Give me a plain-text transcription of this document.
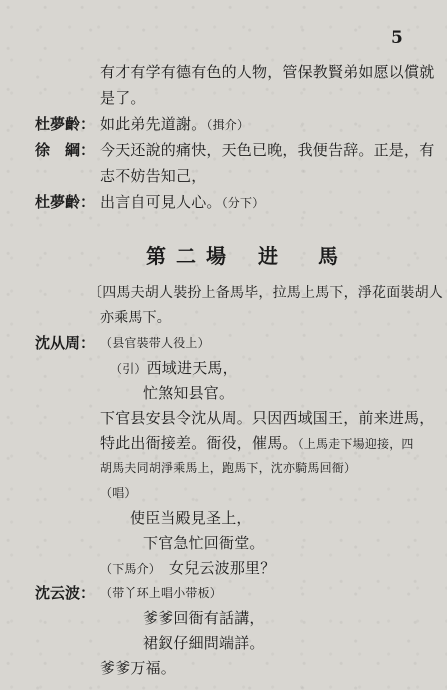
5
有才有学有德有色的人物，管保教賢弟如愿以償就
是了。
杜夢齡： 如此弟先道謝。（揖介）
徐　綱： 今天还說的痛快，天色已晚，我便告辞。正是，有
志不妨告知己，
杜夢齡： 出言自可見人心。（分下）
第二場 进　馬
〔四馬夫胡人裝扮上备馬毕，拉馬上馬下，淨花面裝胡人
亦乘馬下。
沈从周： （县官裝带人役上）
（引）西域进天馬，
忙煞知县官。
下官县安县令沈从周。只因西域国王，前来进馬，
特此出衙接差。衙役，催馬。（上馬走下場迎接，四
胡馬夫同胡淨乘馬上，跑馬下，沈亦騎馬回衙）
（唱）
使臣当殿見圣上，
下官急忙回衙堂。
（下馬介） 女兒云波那里？
沈云波： （带丫环上唱小带板）
爹爹回衙有話講，
裙釵仔細問端詳。
爹爹万福。
